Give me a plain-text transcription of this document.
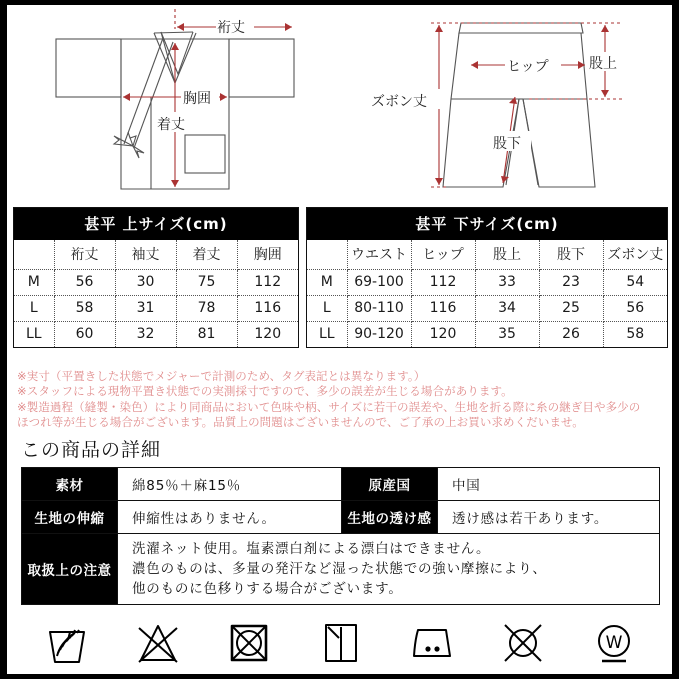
裄丈
胸囲
着丈
ヒップ	股上
股下
ズボン丈
甚平 上サイズ(cm)
	裄丈	袖丈	着丈	胸囲
M	56	30	75	112
L	58	31	78	116
LL	60	32	81	120
甚平 下サイズ(cm)
	ウエスト	ヒップ	股上	股下	ズボン丈
M	69-100	112	33	23	54
L	80-110	116	34	25	56
LL	90-120	120	35	26	58
※実寸（平置きした状態でメジャーで計測のため、タグ表記とは異なります。）
※スタッフによる現物平置き状態での実測採寸ですので、多少の誤差が生じる場合があります。
※製造過程（縫製・染色）により同商品において色味や柄、サイズに若干の誤差や、生地を折る際に糸の継ぎ目や多少の
ほつれ等が生じる場合がございます。品質上の問題はございませんので、ご了承の上お買い求めくだいませ。
この商品の詳細
素材	綿85％＋麻15％	原産国	中国
生地の伸縮	伸縮性はありません。	生地の透け感	透け感は若干あります。
取扱上の注意	洗濯ネット使用。塩素漂白剤による漂白はできません。
濃色のものは、多量の発汗など湿った状態での強い摩擦により、
他のものに色移りする場合がございます。		
W
